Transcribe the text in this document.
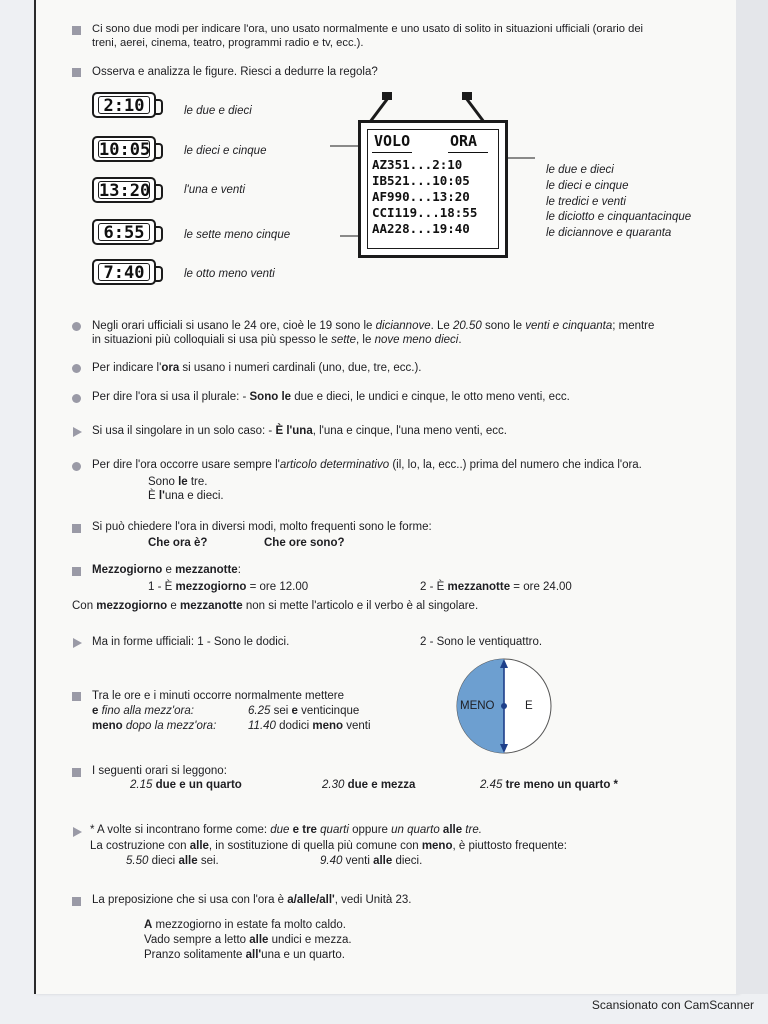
Ci sono due modi per indicare l'ora, uno usato normalmente e uno usato di solito in situazioni ufficiali (orario dei
treni, aerei, cinema, teatro, programmi radio e tv, ecc.).
Osserva e analizza le figure. Riesci a dedurre la regola?
2:10	le due e dieci
10:05	le dieci e cinque
13:20	l'una e venti
6:55	le sette meno cinque
7:40	le otto meno venti
VOLO	ORA
AZ351...2:10
IB521...10:05
AF990...13:20
CCI119...18:55
AA228...19:40
le due e dieci
le dieci e cinque
le tredici e venti
le diciotto e cinquantacinque
le diciannove e quaranta
Negli orari ufficiali si usano le 24 ore, cioè le 19 sono le diciannove. Le 20.50 sono le venti e cinquanta; mentre
in situazioni più colloquiali si usa più spesso le sette, le nove meno dieci.
Per indicare l'ora si usano i numeri cardinali (uno, due, tre, ecc.).
Per dire l'ora si usa il plurale: - Sono le due e dieci, le undici e cinque, le otto meno venti, ecc.
Si usa il singolare in un solo caso: - È l'una, l'una e cinque, l'una meno venti, ecc.
Per dire l'ora occorre usare sempre l'articolo determinativo (il, lo, la, ecc..) prima del numero che indica l'ora.
Sono le tre.
È l'una e dieci.
Si può chiedere l'ora in diversi modi, molto frequenti sono le forme:
Che ora è?	Che ore sono?
Mezzogiorno e mezzanotte:
1 - È mezzogiorno = ore 12.00	2 - È mezzanotte = ore 24.00
Con mezzogiorno e mezzanotte non si mette l'articolo e il verbo è al singolare.
Ma in forme ufficiali: 1 - Sono le dodici.	2 - Sono le ventiquattro.
Tra le ore e i minuti occorre normalmente mettere
e fino alla mezz'ora:	6.25 sei e venticinque
meno dopo la mezz'ora:	11.40 dodici meno venti
MENO	E
I seguenti orari si leggono:
2.15 due e un quarto	2.30 due e mezza	2.45 tre meno un quarto *
* A volte si incontrano forme come: due e tre quarti oppure un quarto alle tre.
La costruzione con alle, in sostituzione di quella più comune con meno, è piuttosto frequente:
5.50 dieci alle sei.	9.40 venti alle dieci.
La preposizione che si usa con l'ora è a/alle/all', vedi Unità 23.
A mezzogiorno in estate fa molto caldo.
Vado sempre a letto alle undici e mezza.
Pranzo solitamente all'una e un quarto.
Scansionato con CamScanner
